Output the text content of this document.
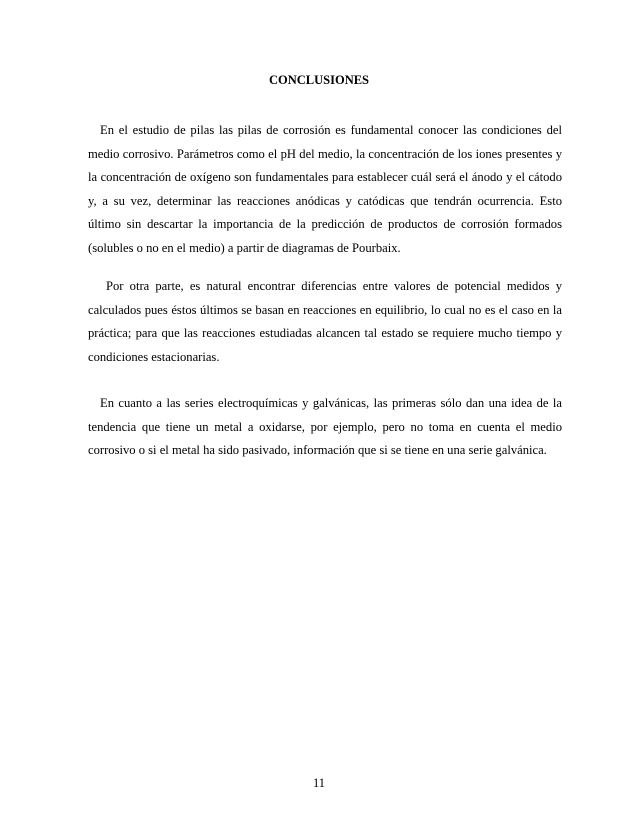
CONCLUSIONES

En el estudio de pilas las pilas de corrosión es fundamental conocer las condiciones del medio corrosivo. Parámetros como el pH del medio, la concentración de los iones presentes y la concentración de oxígeno son fundamentales para establecer cuál será el ánodo y el cátodo y, a su vez, determinar las reacciones anódicas y catódicas que tendrán ocurrencia. Esto último sin descartar la importancia de la predicción de productos de corrosión formados (solubles o no en el medio) a partir de diagramas de Pourbaix.

Por otra parte, es natural encontrar diferencias entre valores de potencial medidos y calculados pues éstos últimos se basan en reacciones en equilibrio, lo cual no es el caso en la práctica; para que las reacciones estudiadas alcancen tal estado se requiere mucho tiempo y condiciones estacionarias.

En cuanto a las series electroquímicas y galvánicas, las primeras sólo dan una idea de la tendencia que tiene un metal a oxidarse, por ejemplo, pero no toma en cuenta el medio corrosivo o si el metal ha sido pasivado, información que si se tiene en una serie galvánica.

11
